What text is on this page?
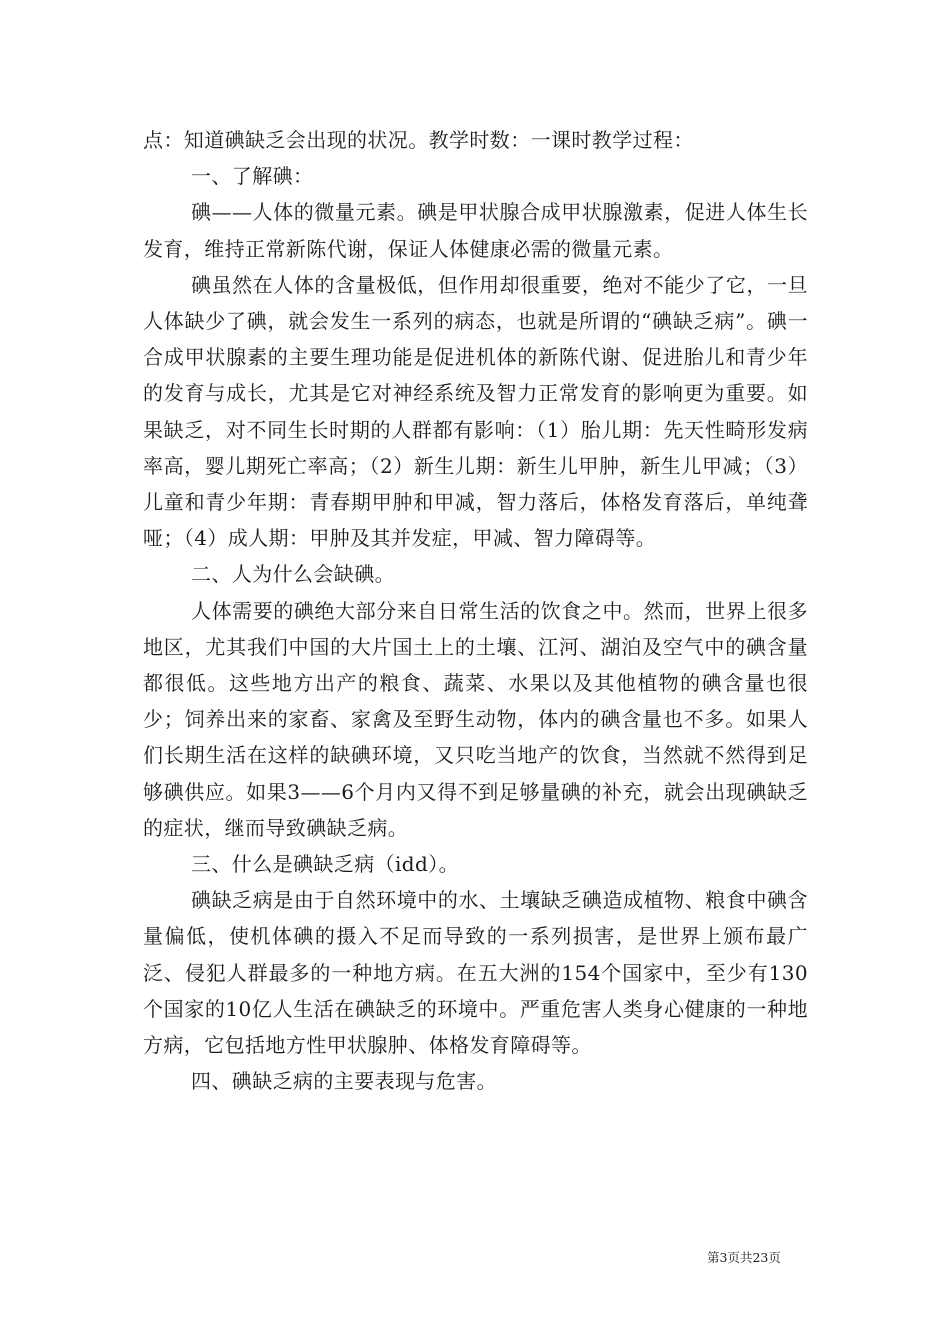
点：知道碘缺乏会出现的状况。教学时数：一课时教学过程：

一、了解碘：

碘——人体的微量元素。碘是甲状腺合成甲状腺激素，促进人体生长发育，维持正常新陈代谢，保证人体健康必需的微量元素。

碘虽然在人体的含量极低，但作用却很重要，绝对不能少了它，一旦人体缺少了碘，就会发生一系列的病态，也就是所谓的“碘缺乏病”。碘一合成甲状腺素的主要生理功能是促进机体的新陈代谢、促进胎儿和青少年的发育与成长，尤其是它对神经系统及智力正常发育的影响更为重要。如果缺乏，对不同生长时期的人群都有影响：（1）胎儿期：先天性畸形发病率高，婴儿期死亡率高；（2）新生儿期：新生儿甲肿，新生儿甲减；（3）儿童和青少年期：青春期甲肿和甲减，智力落后，体格发育落后，单纯聋哑；（4）成人期：甲肿及其并发症，甲减、智力障碍等。

二、人为什么会缺碘。

人体需要的碘绝大部分来自日常生活的饮食之中。然而，世界上很多地区，尤其我们中国的大片国土上的土壤、江河、湖泊及空气中的碘含量都很低。这些地方出产的粮食、蔬菜、水果以及其他植物的碘含量也很少；饲养出来的家畜、家禽及至野生动物，体内的碘含量也不多。如果人们长期生活在这样的缺碘环境，又只吃当地产的饮食，当然就不然得到足够碘供应。如果3——6个月内又得不到足够量碘的补充，就会出现碘缺乏的症状，继而导致碘缺乏病。

三、什么是碘缺乏病（idd）。

碘缺乏病是由于自然环境中的水、土壤缺乏碘造成植物、粮食中碘含量偏低，使机体碘的摄入不足而导致的一系列损害，是世界上颁布最广泛、侵犯人群最多的一种地方病。在五大洲的154个国家中，至少有130个国家的10亿人生活在碘缺乏的环境中。严重危害人类身心健康的一种地方病，它包括地方性甲状腺肿、体格发育障碍等。

四、碘缺乏病的主要表现与危害。

第3页共23页
